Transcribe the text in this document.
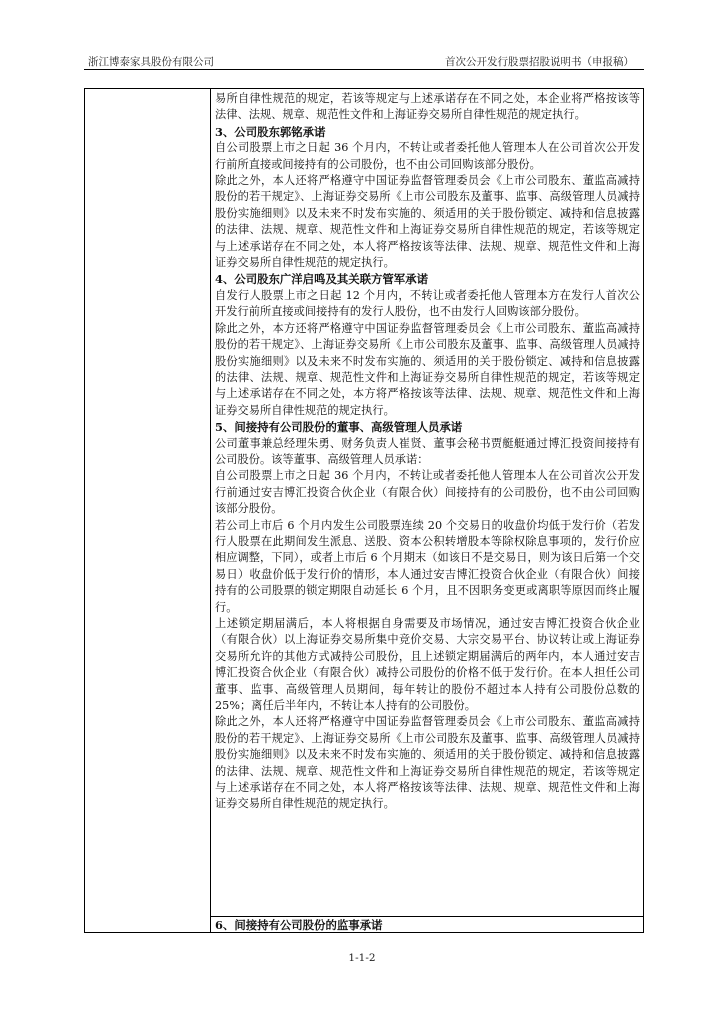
浙江博泰家具股份有限公司	首次公开发行股票招股说明书（申报稿）

易所自律性规范的规定，若该等规定与上述承诺存在不同之处，本企业将严格按该等法律、法规、规章、规范性文件和上海证券交易所自律性规范的规定执行。

3、公司股东郭铭承诺

自公司股票上市之日起 36 个月内，不转让或者委托他人管理本人在公司首次公开发行前所直接或间接持有的公司股份，也不由公司回购该部分股份。

除此之外，本人还将严格遵守中国证券监督管理委员会《上市公司股东、董监高减持股份的若干规定》、上海证券交易所《上市公司股东及董事、监事、高级管理人员减持股份实施细则》以及未来不时发布实施的、须适用的关于股份锁定、减持和信息披露的法律、法规、规章、规范性文件和上海证券交易所自律性规范的规定，若该等规定与上述承诺存在不同之处，本人将严格按该等法律、法规、规章、规范性文件和上海证券交易所自律性规范的规定执行。

4、公司股东广洋启鸣及其关联方管军承诺

自发行人股票上市之日起 12 个月内，不转让或者委托他人管理本方在发行人首次公开发行前所直接或间接持有的发行人股份，也不由发行人回购该部分股份。

除此之外，本方还将严格遵守中国证券监督管理委员会《上市公司股东、董监高减持股份的若干规定》、上海证券交易所《上市公司股东及董事、监事、高级管理人员减持股份实施细则》以及未来不时发布实施的、须适用的关于股份锁定、减持和信息披露的法律、法规、规章、规范性文件和上海证券交易所自律性规范的规定，若该等规定与上述承诺存在不同之处，本方将严格按该等法律、法规、规章、规范性文件和上海证券交易所自律性规范的规定执行。

5、间接持有公司股份的董事、高级管理人员承诺

公司董事兼总经理朱勇、财务负责人崔贤、董事会秘书贾艇艇通过博汇投资间接持有公司股份。该等董事、高级管理人员承诺：

自公司股票上市之日起 36 个月内，不转让或者委托他人管理本人在公司首次公开发行前通过安吉博汇投资合伙企业（有限合伙）间接持有的公司股份，也不由公司回购该部分股份。

若公司上市后 6 个月内发生公司股票连续 20 个交易日的收盘价均低于发行价（若发行人股票在此期间发生派息、送股、资本公积转增股本等除权除息事项的，发行价应相应调整，下同），或者上市后 6 个月期末（如该日不是交易日，则为该日后第一个交易日）收盘价低于发行价的情形，本人通过安吉博汇投资合伙企业（有限合伙）间接持有的公司股票的锁定期限自动延长 6 个月，且不因职务变更或离职等原因而终止履行。

上述锁定期届满后，本人将根据自身需要及市场情况，通过安吉博汇投资合伙企业（有限合伙）以上海证券交易所集中竞价交易、大宗交易平台、协议转让或上海证券交易所允许的其他方式减持公司股份，且上述锁定期届满后的两年内，本人通过安吉博汇投资合伙企业（有限合伙）减持公司股份的价格不低于发行价。在本人担任公司董事、监事、高级管理人员期间，每年转让的股份不超过本人持有公司股份总数的 25%；离任后半年内，不转让本人持有的公司股份。

除此之外，本人还将严格遵守中国证券监督管理委员会《上市公司股东、董监高减持股份的若干规定》、上海证券交易所《上市公司股东及董事、监事、高级管理人员减持股份实施细则》以及未来不时发布实施的、须适用的关于股份锁定、减持和信息披露的法律、法规、规章、规范性文件和上海证券交易所自律性规范的规定，若该等规定与上述承诺存在不同之处，本人将严格按该等法律、法规、规章、规范性文件和上海证券交易所自律性规范的规定执行。

6、间接持有公司股份的监事承诺

1-1-2
